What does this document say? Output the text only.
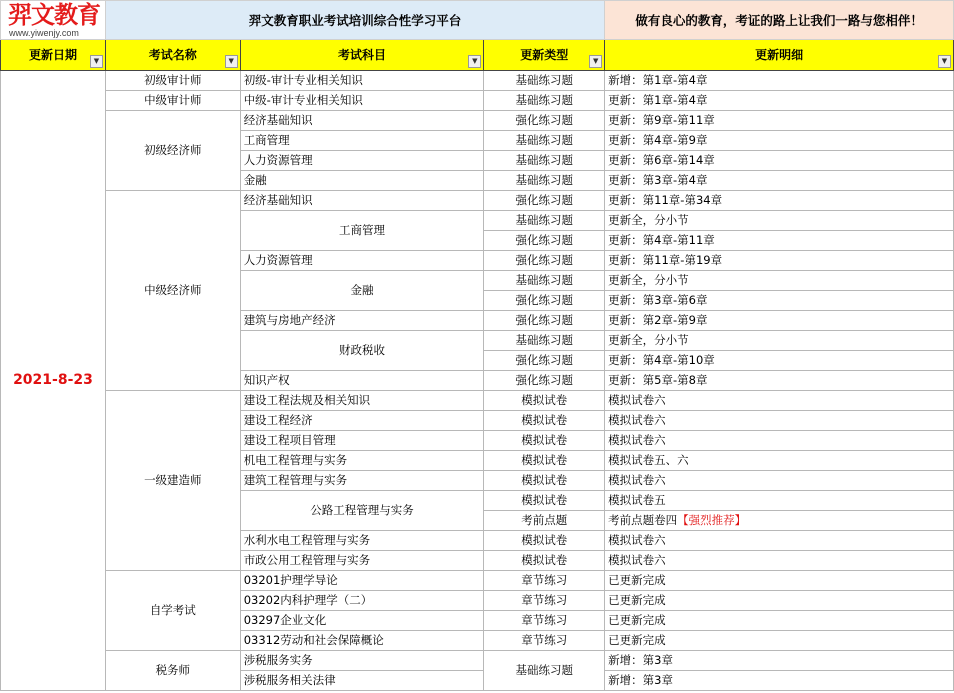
羿文教育
www.yiwenjy.com	羿文教育职业考试培训综合性学习平台			做有良心的教育，考证的路上让我们一路与您相伴！
更新日期 ▼	考试名称 ▼	考试科目 ▼	更新类型 ▼	更新明细 ▼

2021-8-23	初级审计师	初级-审计专业相关知识	基础练习题	新增：第1章-第4章
	中级审计师	中级-审计专业相关知识	基础练习题	更新：第1章-第4章
	初级经济师	经济基础知识	强化练习题	更新：第9章-第11章
		工商管理	基础练习题	更新：第4章-第9章
		人力资源管理	基础练习题	更新：第6章-第14章
		金融	基础练习题	更新：第3章-第4章
	中级经济师	经济基础知识	强化练习题	更新：第11章-第34章
		工商管理	基础练习题	更新全，分小节
			强化练习题	更新：第4章-第11章
		人力资源管理	强化练习题	更新：第11章-第19章
		金融	基础练习题	更新全，分小节
			强化练习题	更新：第3章-第6章
		建筑与房地产经济	强化练习题	更新：第2章-第9章
		财政税收	基础练习题	更新全，分小节
			强化练习题	更新：第4章-第10章
		知识产权	强化练习题	更新：第5章-第8章
	一级建造师	建设工程法规及相关知识	模拟试卷	模拟试卷六
		建设工程经济	模拟试卷	模拟试卷六
		建设工程项目管理	模拟试卷	模拟试卷六
		机电工程管理与实务	模拟试卷	模拟试卷五、六
		建筑工程管理与实务	模拟试卷	模拟试卷六
		公路工程管理与实务	模拟试卷	模拟试卷五
			考前点题	考前点题卷四【强烈推荐】
		水利水电工程管理与实务	模拟试卷	模拟试卷六
		市政公用工程管理与实务	模拟试卷	模拟试卷六
	自学考试	03201护理学导论	章节练习	已更新完成
		03202内科护理学（二）	章节练习	已更新完成
		03297企业文化	章节练习	已更新完成
		03312劳动和社会保障概论	章节练习	已更新完成
	税务师	涉税服务实务	基础练习题	新增：第3章
		涉税服务相关法律		新增：第3章
